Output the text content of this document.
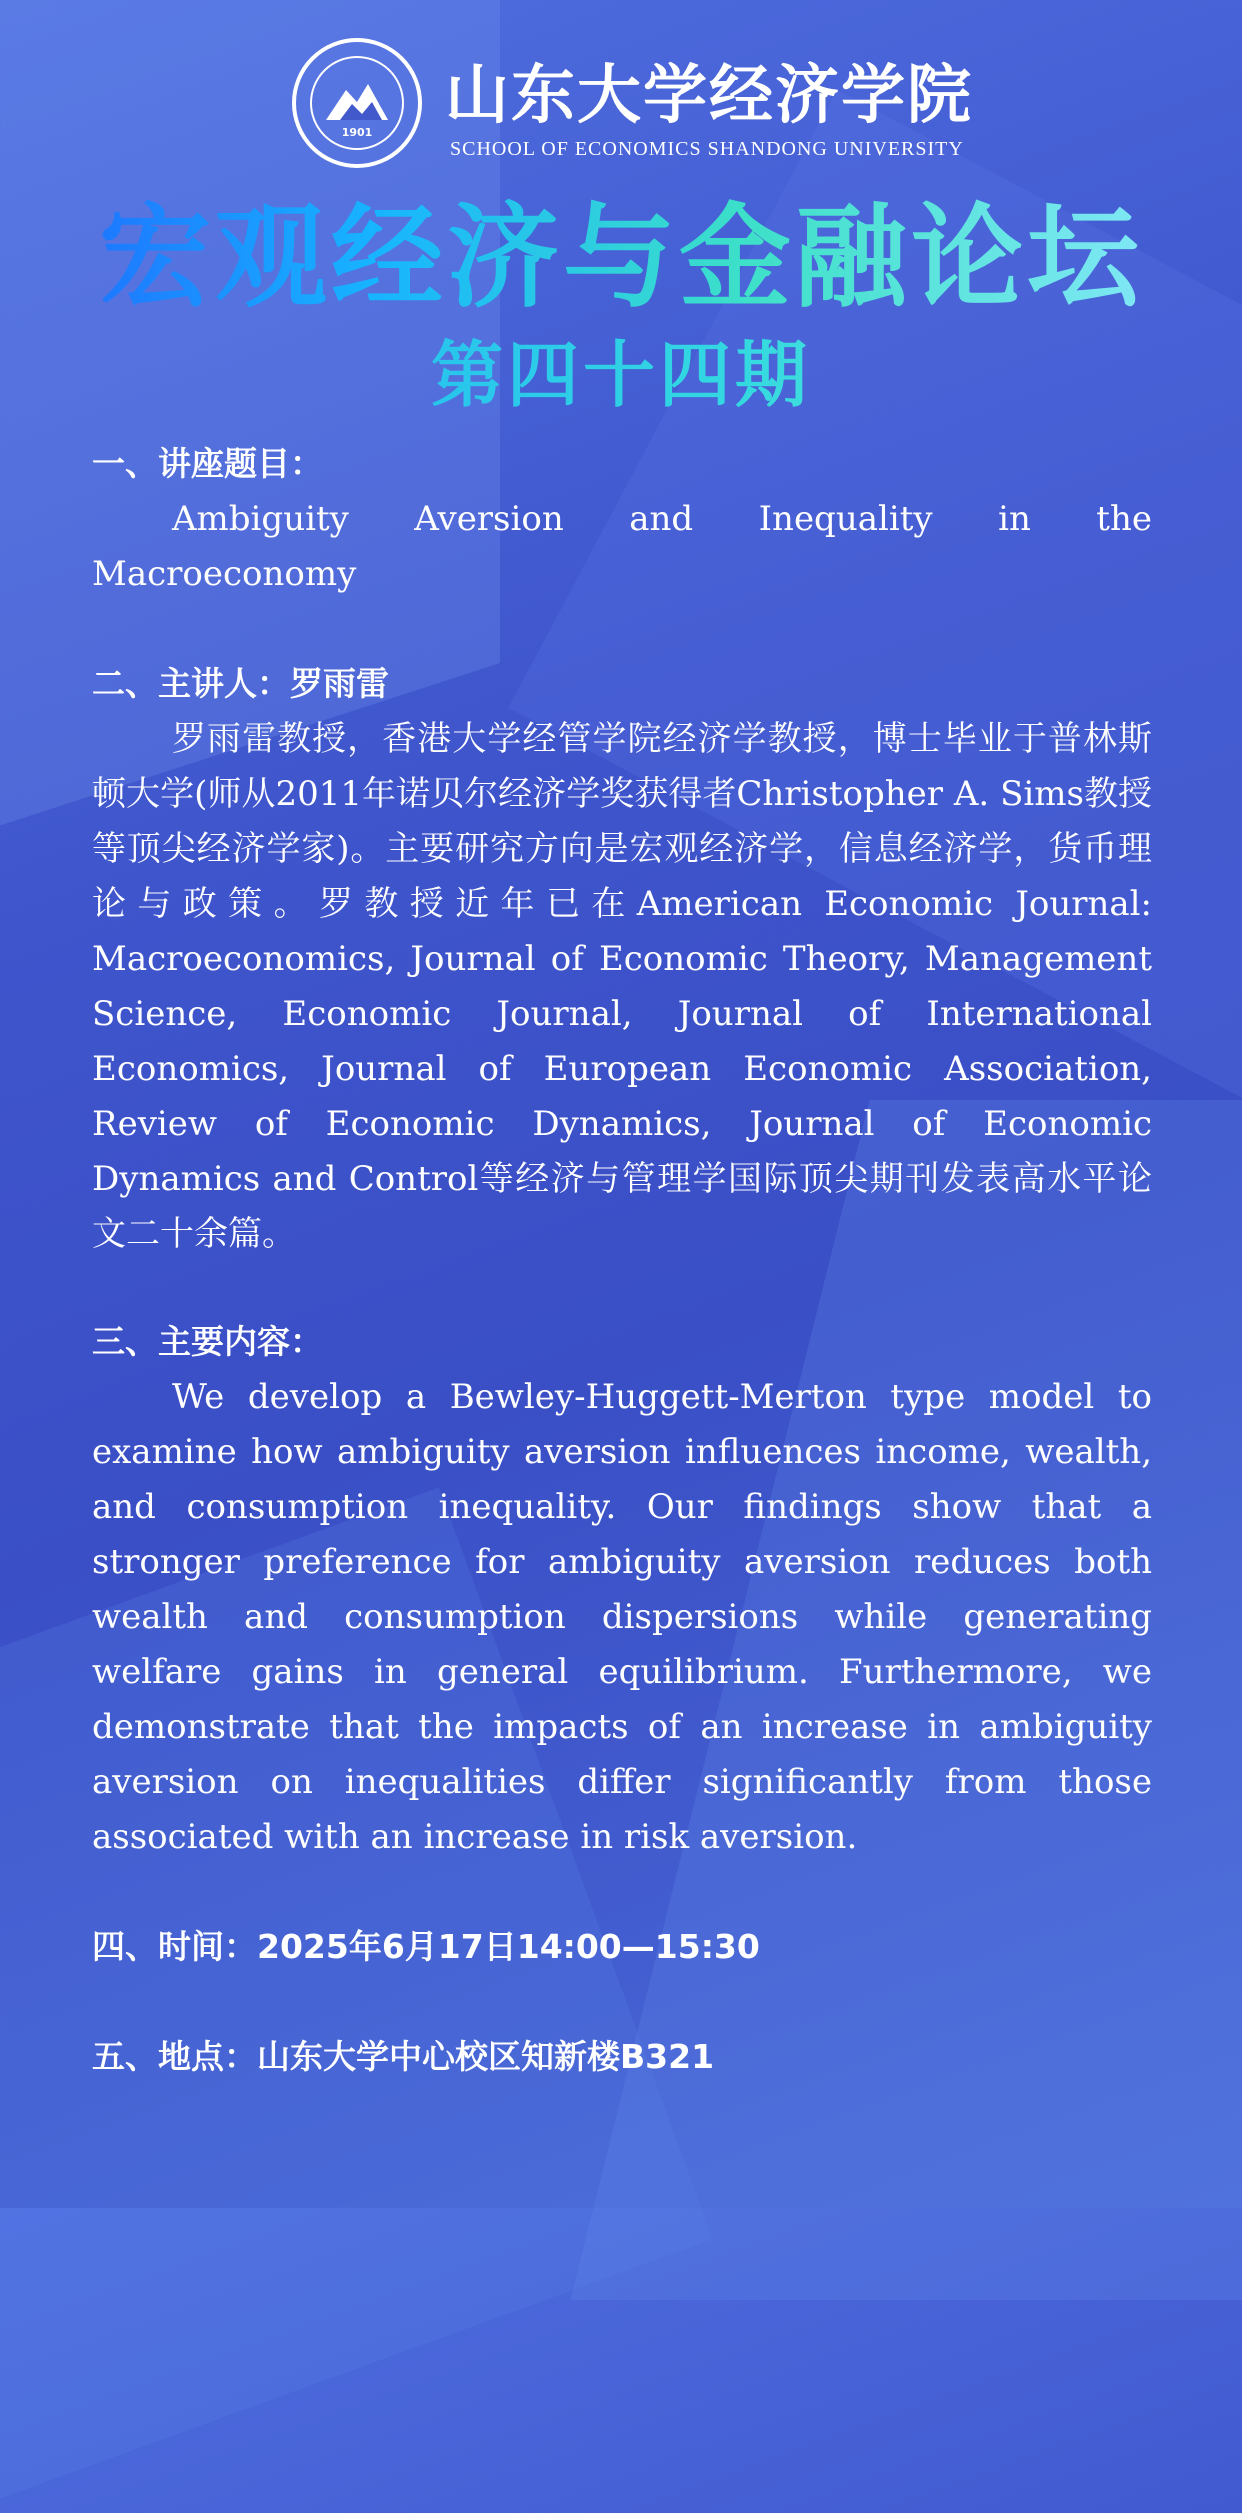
1901	山东大学经济学院
SCHOOL OF ECONOMICS SHANDONG UNIVERSITY
宏观经济与金融论坛
第四十四期

一、讲座题目：

Ambiguity Aversion and Inequality in the Macroeconomy

二、主讲人：罗雨雷

罗雨雷教授，香港大学经管学院经济学教授，博士毕业于普林斯顿大学(师从2011年诺贝尔经济学奖获得者Christopher A. Sims教授等顶尖经济学家)。主要研究方向是宏观经济学，信息经济学，货币理论与政策。罗教授近年已在American Economic Journal: Macroeconomics, Journal of Economic Theory, Management Science, Economic Journal, Journal of International Economics, Journal of European Economic Association, Review of Economic Dynamics, Journal of Economic Dynamics and Control等经济与管理学国际顶尖期刊发表高水平论文二十余篇。

三、主要内容：

We develop a Bewley-Huggett-Merton type model to examine how ambiguity aversion influences income, wealth, and consumption inequality. Our findings show that a stronger preference for ambiguity aversion reduces both wealth and consumption dispersions while generating welfare gains in general equilibrium. Furthermore, we demonstrate that the impacts of an increase in ambiguity aversion on inequalities differ significantly from those associated with an increase in risk aversion.

四、时间：2025年6月17日14:00—15:30

五、地点：山东大学中心校区知新楼B321
